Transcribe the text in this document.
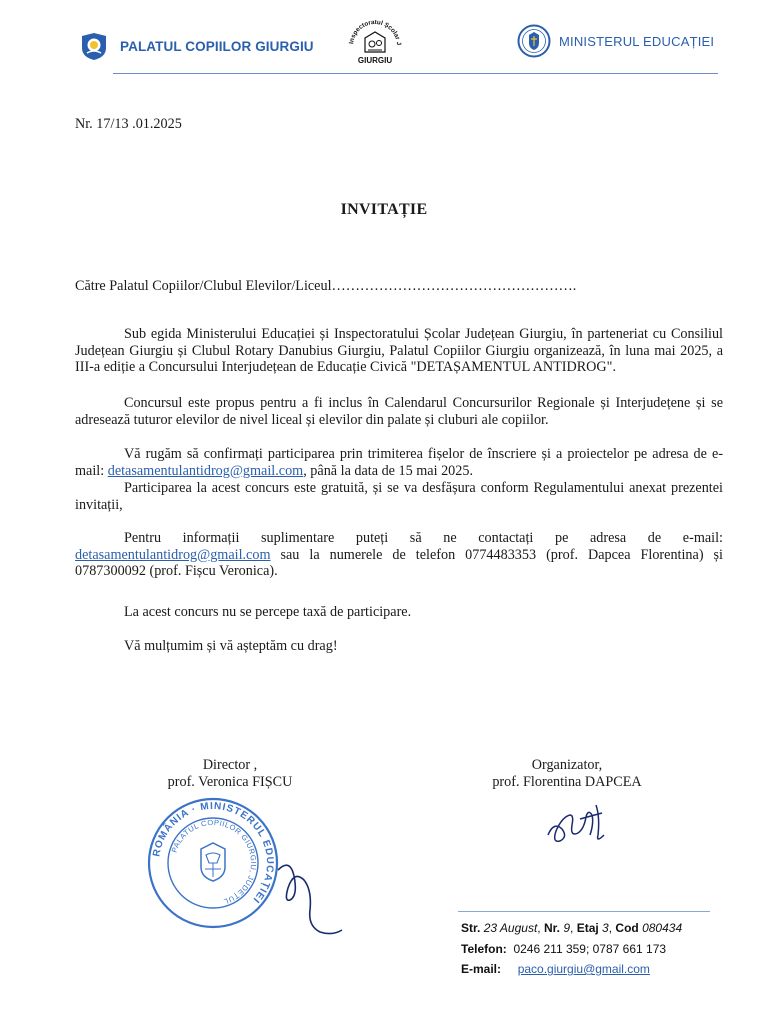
PALATUL COPIILOR GIURGIU	Inspectoratul Școlar J
GIURGIU
MINISTERUL EDUCAȚIEI
Nr. 17/13 .01.2025
INVITAȚIE
Către Palatul Copiilor/Clubul Elevilor/Liceul…………………………………………….
Sub egida Ministerului Educației și Inspectoratului Școlar Județean Giurgiu, în parteneriat cu Consiliul Județean Giurgiu și Clubul Rotary Danubius Giurgiu, Palatul Copiilor Giurgiu organizează, în luna mai 2025, a III-a ediție a Concursului Interjudețean de Educație Civică "DETAȘAMENTUL ANTIDROG".
Concursul este propus pentru a fi inclus în Calendarul Concursurilor Regionale și Interjudețene și se adresează tuturor elevilor de nivel liceal și elevilor din palate și cluburi ale copiilor.
Vă rugăm să confirmați participarea prin trimiterea fișelor de înscriere și a proiectelor pe adresa de e-mail: detasamentulantidrog@gmail.com, până la data de 15 mai 2025.
Participarea la acest concurs este gratuită, și se va desfășura conform Regulamentului anexat prezentei invitații,
Pentru informații suplimentare puteți să ne contactați pe adresa de e-mail: detasamentulantidrog@gmail.com sau la numerele de telefon 0774483353 (prof. Dapcea Florentina) și 0787300092 (prof. Fișcu Veronica).
La acest concurs nu se percepe taxă de participare.
Vă mulțumim și vă așteptăm cu drag!
Director ,
prof. Veronica FIȘCU
Organizator,
prof. Florentina DAPCEA
ROMÂNIA · MINISTERUL EDUCAȚIEI
PALATUL COPIILOR GIURGIU, JUDEȚUL
Str. 23 August, Nr. 9, Etaj 3, Cod 080434
Telefon: 0246 211 359; 0787 661 173
E-mail: paco.giurgiu@gmail.com
